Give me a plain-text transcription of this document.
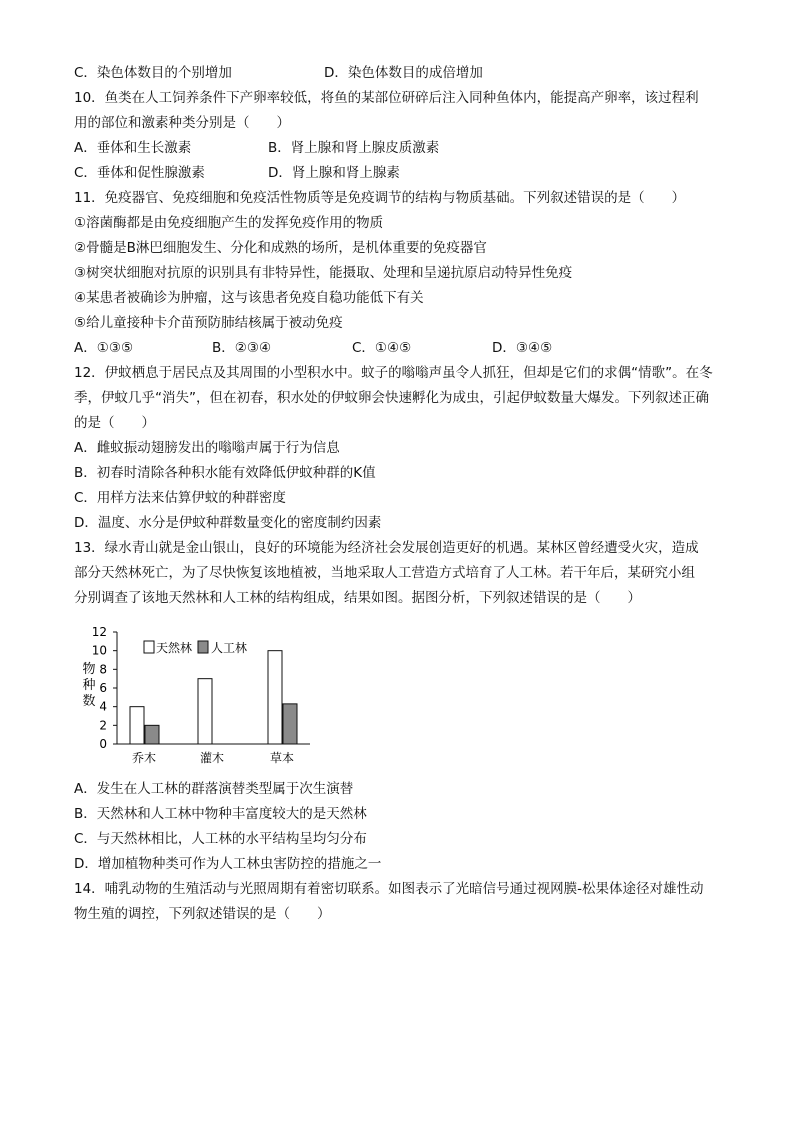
C．染色体数目的个别增加	D．染色体数目的成倍增加
10．鱼类在人工饲养条件下产卵率较低，将鱼的某部位研碎后注入同种鱼体内，能提高产卵率，该过程利
用的部位和激素种类分别是（　　）
A．垂体和生长激素	B．肾上腺和肾上腺皮质激素
C．垂体和促性腺激素	D．肾上腺和肾上腺素
11．免疫器官、免疫细胞和免疫活性物质等是免疫调节的结构与物质基础。下列叙述错误的是（　　）
①溶菌酶都是由免疫细胞产生的发挥免疫作用的物质
②骨髓是B淋巴细胞发生、分化和成熟的场所，是机体重要的免疫器官
③树突状细胞对抗原的识别具有非特异性，能摄取、处理和呈递抗原启动特异性免疫
④某患者被确诊为肿瘤，这与该患者免疫自稳功能低下有关
⑤给儿童接种卡介苗预防肺结核属于被动免疫
A．①③⑤	B．②③④	C．①④⑤	D．③④⑤
12．伊蚊栖息于居民点及其周围的小型积水中。蚊子的嗡嗡声虽令人抓狂，但却是它们的求偶“情歌”。在冬
季，伊蚊几乎“消失”，但在初春，积水处的伊蚊卵会快速孵化为成虫，引起伊蚊数量大爆发。下列叙述正确
的是（　　）
A．雌蚊振动翅膀发出的嗡嗡声属于行为信息
B．初春时清除各种积水能有效降低伊蚊种群的K值
C．用样方法来估算伊蚊的种群密度
D．温度、水分是伊蚊种群数量变化的密度制约因素
13．绿水青山就是金山银山，良好的环境能为经济社会发展创造更好的机遇。某林区曾经遭受火灾，造成
部分天然林死亡，为了尽快恢复该地植被，当地采取人工营造方式培育了人工林。若干年后，某研究小组
分别调查了该地天然林和人工林的结构组成，结果如图。据图分析，下列叙述错误的是（　　）
0
2
4
6
8
10
12
物
种
数
乔木	灌木	草本
天然林 人工林
A．发生在人工林的群落演替类型属于次生演替
B．天然林和人工林中物种丰富度较大的是天然林
C．与天然林相比，人工林的水平结构呈均匀分布
D．增加植物种类可作为人工林虫害防控的措施之一
14．哺乳动物的生殖活动与光照周期有着密切联系。如图表示了光暗信号通过视网膜-松果体途径对雄性动
物生殖的调控，下列叙述错误的是（　　）
